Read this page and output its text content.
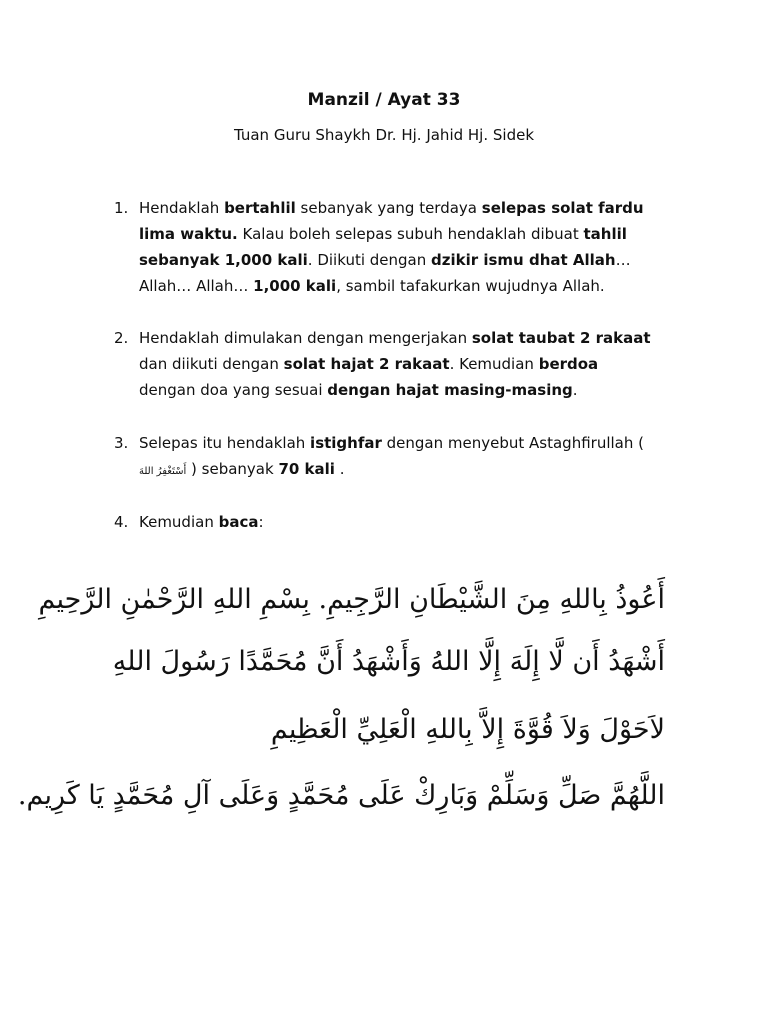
Manzil / Ayat 33
Tuan Guru Shaykh Dr. Hj. Jahid Hj. Sidek
1. Hendaklah bertahlil sebanyak yang terdaya selepas solat fardu lima waktu. Kalau boleh selepas subuh hendaklah dibuat tahlil sebanyak 1,000 kali. Diikuti dengan dzikir ismu dhat Allah… Allah… Allah… 1,000 kali, sambil tafakurkan wujudnya Allah.
2. Hendaklah dimulakan dengan mengerjakan solat taubat 2 rakaat dan diikuti dengan solat hajat 2 rakaat. Kemudian berdoa dengan doa yang sesuai dengan hajat masing-masing.
3. Selepas itu hendaklah istighfar dengan menyebut Astaghfirullah ( أَسْتَغْفِرُ اللهَ ) sebanyak 70 kali .
4. Kemudian baca:
أَعُوذُ بِاللهِ مِنَ الشَّيْطَانِ الرَّجِيمِ. بِسْمِ اللهِ الرَّحْمٰنِ الرَّحِيمِ
أَشْهَدُ أَن لَّا إِلَهَ إِلَّا اللهُ وَأَشْهَدُ أَنَّ مُحَمَّدًا رَسُولَ اللهِ
لاَحَوْلَ وَلاَ قُوَّةَ إِلاَّ بِاللهِ الْعَلِيِّ الْعَظِيمِ
اللَّهُمَّ صَلِّ وَسَلِّمْ وَبَارِكْ عَلَى مُحَمَّدٍ وَعَلَى آلِ مُحَمَّدٍ يَا كَرِيم.
